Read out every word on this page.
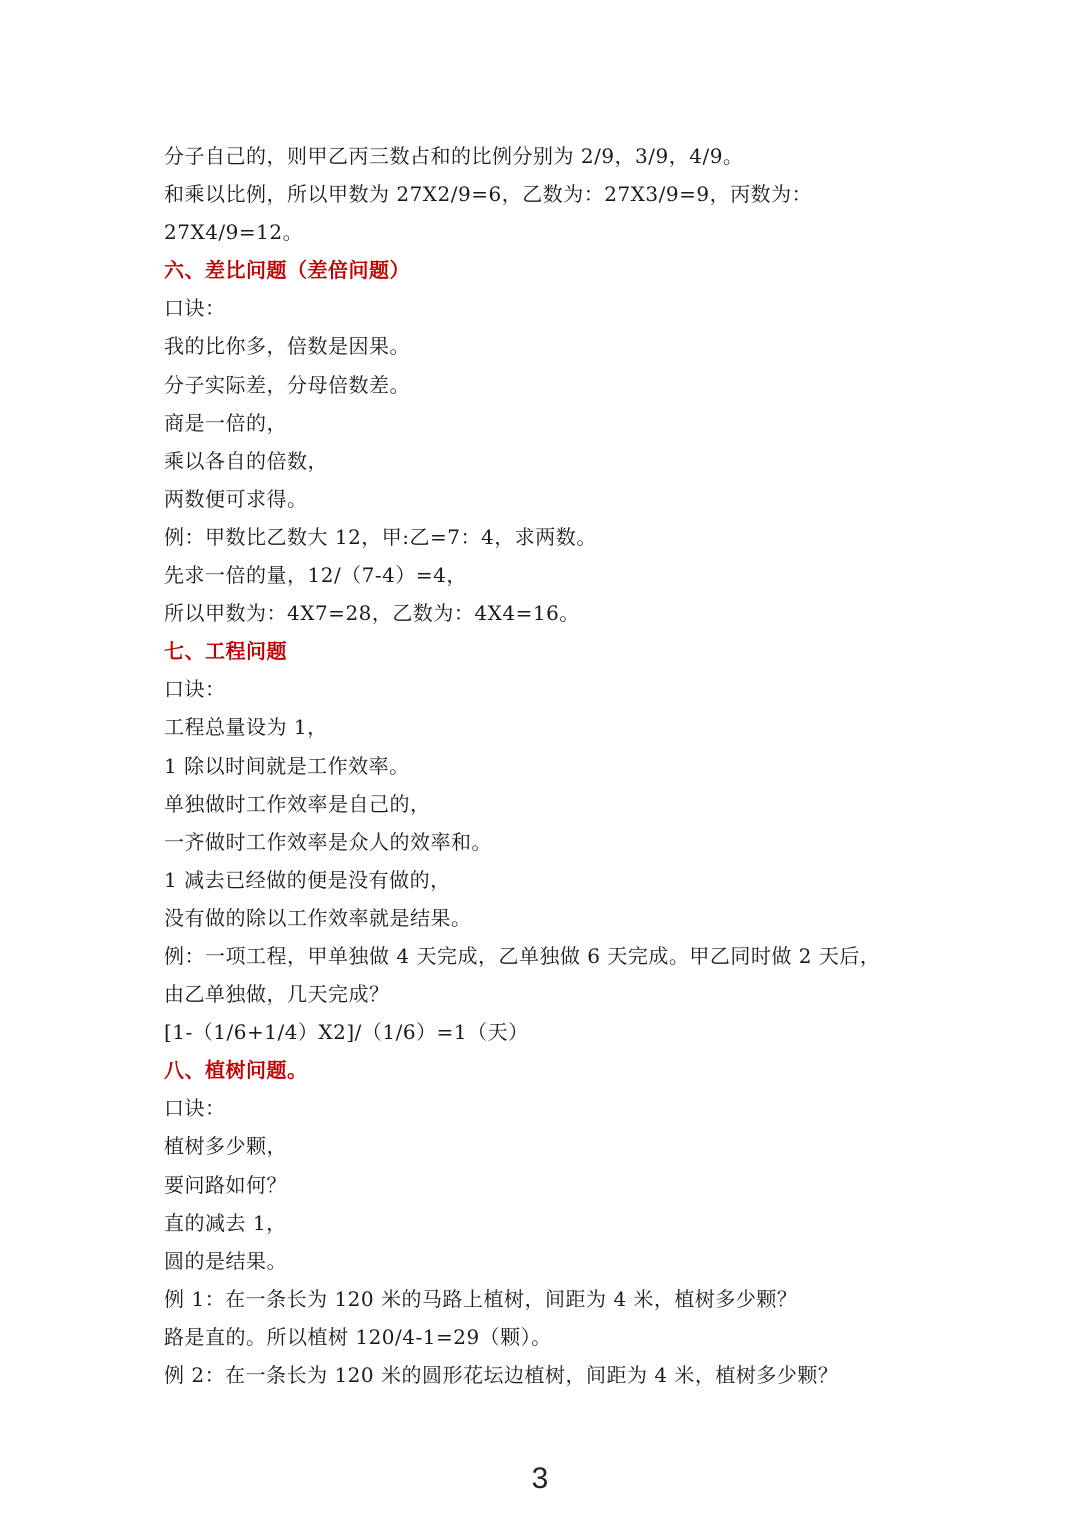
分子自己的，则甲乙丙三数占和的比例分别为 2/9，3/9，4/9。
和乘以比例，所以甲数为 27X2/9=6，乙数为：27X3/9=9，丙数为：
27X4/9=12。
六、差比问题（差倍问题）
口诀：
我的比你多，倍数是因果。
分子实际差，分母倍数差。
商是一倍的，
乘以各自的倍数，
两数便可求得。
例：甲数比乙数大 12，甲:乙=7：4，求两数。
先求一倍的量，12/（7-4）=4，
所以甲数为：4X7=28，乙数为：4X4=16。
七、工程问题
口诀：
工程总量设为 1，
1 除以时间就是工作效率。
单独做时工作效率是自己的，
一齐做时工作效率是众人的效率和。
1 减去已经做的便是没有做的，
没有做的除以工作效率就是结果。
例：一项工程，甲单独做 4 天完成，乙单独做 6 天完成。甲乙同时做 2 天后，
由乙单独做，几天完成？
[1-（1/6+1/4）X2]/（1/6）=1（天）
八、植树问题。
口诀：
植树多少颗，
要问路如何？
直的减去 1，
圆的是结果。
例 1：在一条长为 120 米的马路上植树，间距为 4 米，植树多少颗？
路是直的。所以植树 120/4-1=29（颗）。
例 2：在一条长为 120 米的圆形花坛边植树，间距为 4 米，植树多少颗？
3
